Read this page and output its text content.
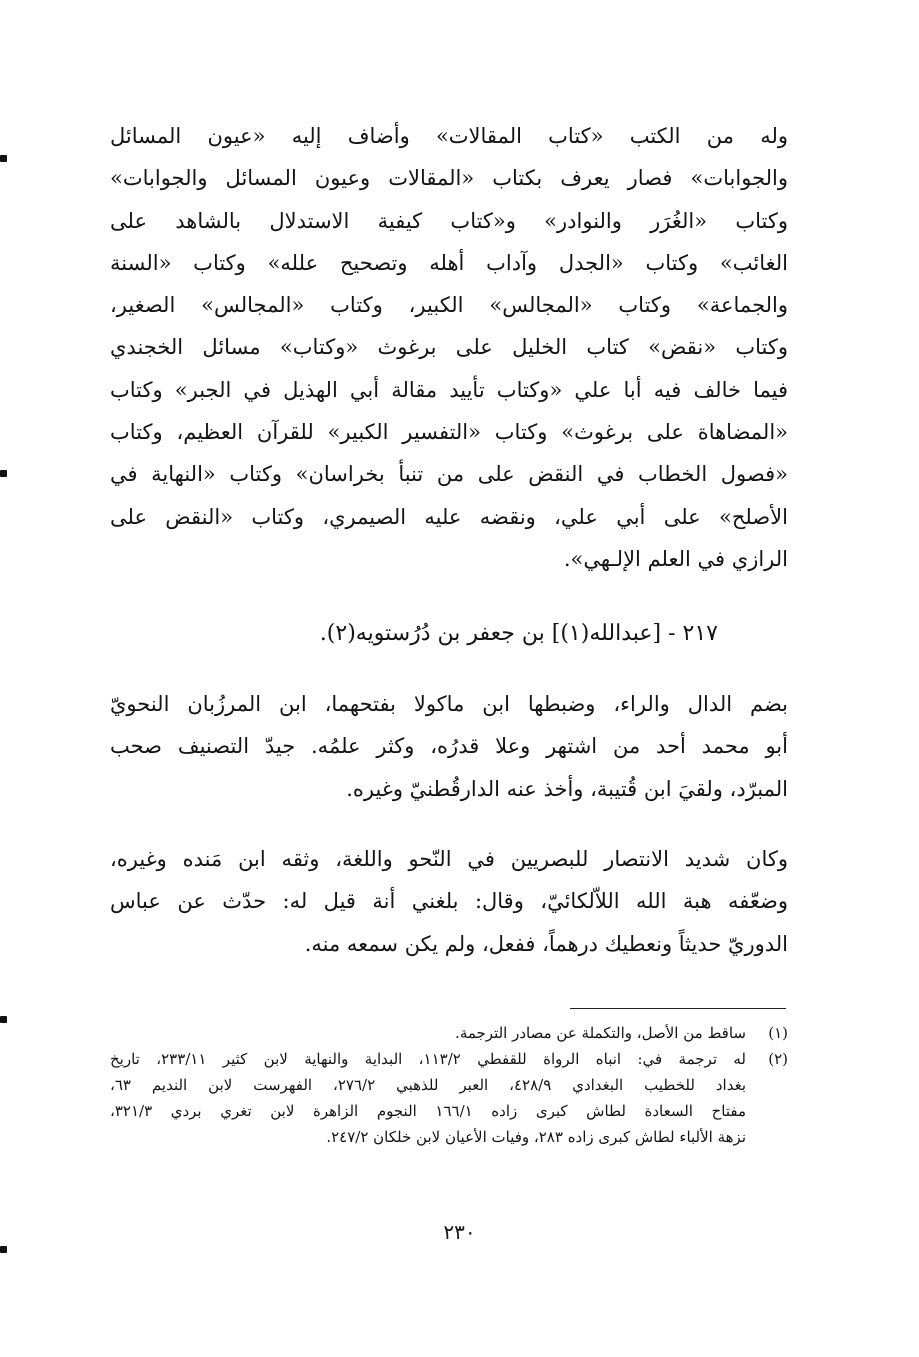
وله من الكتب «كتاب المقالات» وأضاف إليه «عيون المسائل
والجوابات» فصار يعرف بكتاب «المقالات وعيون المسائل والجوابات»
وكتاب «الغُرَر والنوادر» و«كتاب كيفية الاستدلال بالشاهد على
الغائب» وكتاب «الجدل وآداب أهله وتصحيح علله» وكتاب «السنة
والجماعة» وكتاب «المجالس» الكبير، وكتاب «المجالس» الصغير،
وكتاب «نقض» كتاب الخليل على برغوث «وكتاب» مسائل الخجندي
فيما خالف فيه أبا علي «وكتاب تأييد مقالة أبي الهذيل في الجبر» وكتاب
«المضاهاة على برغوث» وكتاب «التفسير الكبير» للقرآن العظيم، وكتاب
«فصول الخطاب في النقض على من تنبأ بخراسان» وكتاب «النهاية في
الأصلح» على أبي علي، ونقضه عليه الصيمري، وكتاب «النقض على
الرازي في العلم الإلـهي».
٢١٧ - [عبدالله(١)] بن جعفر بن دُرُستويه(٢).
بضم الدال والراء، وضبطها ابن ماكولا بفتحهما، ابن المرزُبان النحويّ
أبو محمد أحد من اشتهر وعلا قدرُه، وكثر علمُه. جيدّ التصنيف صحب
المبرّد، ولقيَ ابن قُتيبة، وأخذ عنه الدارقُطنيّ وغيره.
وكان شديد الانتصار للبصريين في النّحو واللغة، وثقه ابن مَنده وغيره،
وضعّفه هبة الله اللاّلكائيّ، وقال: بلغني أنة قيل له: حدّث عن عباس
الدوريّ حديثاً ونعطيك درهماً، ففعل، ولم يكن سمعه منه.
(١)
ساقط من الأصل، والتكملة عن مصادر الترجمة.
(٢)
له ترجمة في: انباه الرواة للقفطي ١١٣/٢، البداية والنهاية لابن كثير ٢٣٣/١١، تاريخ
بغداد للخطيب البغدادي ٤٢٨/٩، العبر للذهبي ٢٧٦/٢، الفهرست لابن النديم ٦٣،
مفتاح السعادة لطاش كبرى زاده ١٦٦/١ النجوم الزاهرة لابن تغري بردي ٣٢١/٣،
نزهة الألباء لطاش كبرى زاده ٢٨٣، وفيات الأعيان لابن خلكان ٢٤٧/٢.
٢٣٠
